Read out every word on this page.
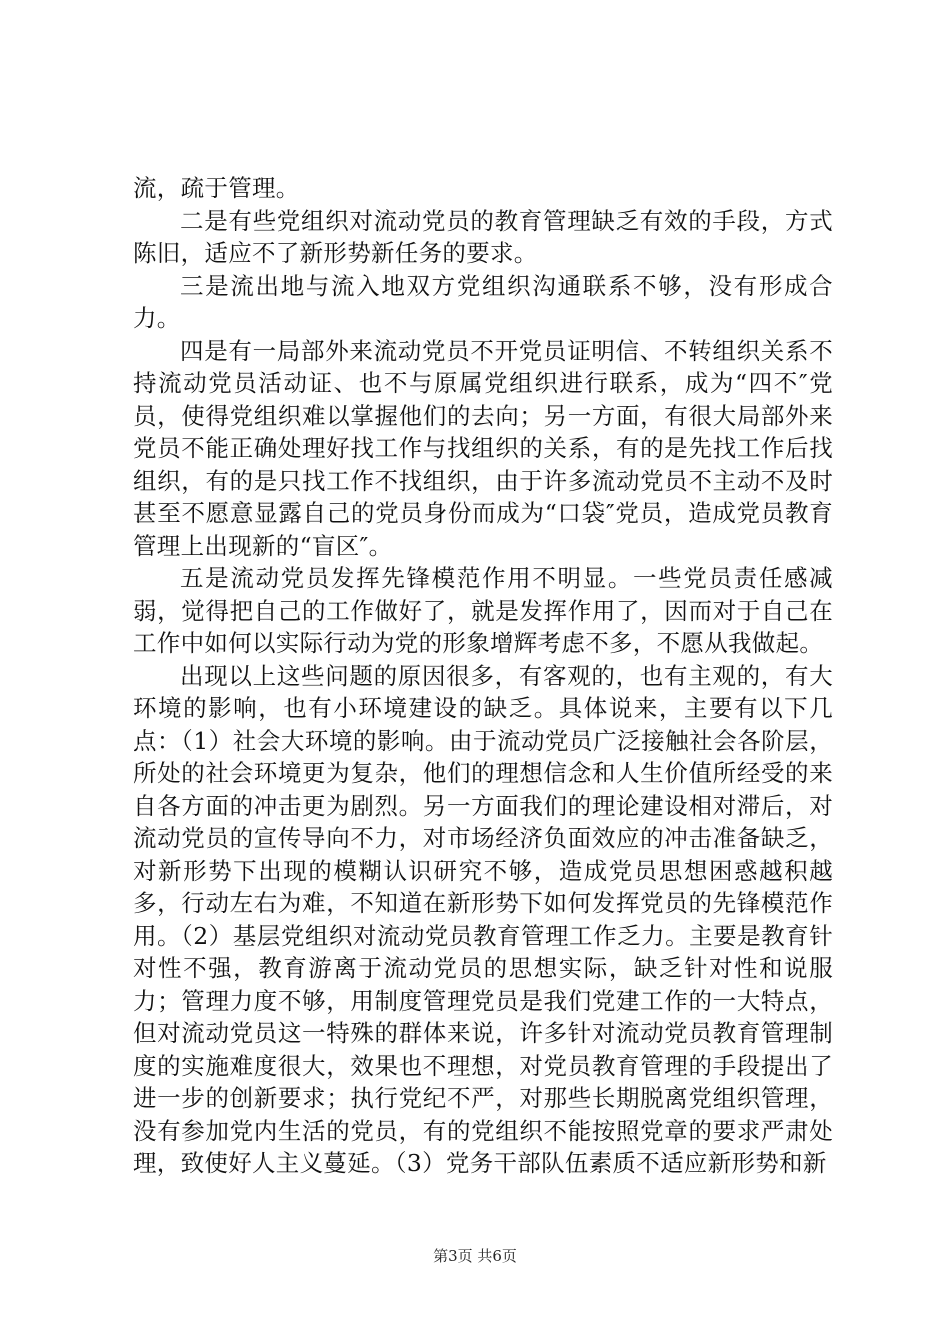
流，疏于管理。

二是有些党组织对流动党员的教育管理缺乏有效的手段，方式陈旧，适应不了新形势新任务的要求。

三是流出地与流入地双方党组织沟通联系不够，没有形成合力。

四是有一局部外来流动党员不开党员证明信、不转组织关系不持流动党员活动证、也不与原属党组织进行联系，成为“四不″党员，使得党组织难以掌握他们的去向；另一方面，有很大局部外来党员不能正确处理好找工作与找组织的关系，有的是先找工作后找组织，有的是只找工作不找组织，由于许多流动党员不主动不及时甚至不愿意显露自己的党员身份而成为“口袋″党员，造成党员教育管理上出现新的“盲区″。

五是流动党员发挥先锋模范作用不明显。一些党员责任感减弱，觉得把自己的工作做好了，就是发挥作用了，因而对于自己在工作中如何以实际行动为党的形象增辉考虑不多，不愿从我做起。

出现以上这些问题的原因很多，有客观的，也有主观的，有大环境的影响，也有小环境建设的缺乏。具体说来，主要有以下几点：（1）社会大环境的影响。由于流动党员广泛接触社会各阶层，所处的社会环境更为复杂，他们的理想信念和人生价值所经受的来自各方面的冲击更为剧烈。另一方面我们的理论建设相对滞后，对流动党员的宣传导向不力，对市场经济负面效应的冲击准备缺乏，对新形势下出现的模糊认识研究不够，造成党员思想困惑越积越多，行动左右为难，不知道在新形势下如何发挥党员的先锋模范作用。（2）基层党组织对流动党员教育管理工作乏力。主要是教育针对性不强，教育游离于流动党员的思想实际，缺乏针对性和说服力；管理力度不够，用制度管理党员是我们党建工作的一大特点，但对流动党员这一特殊的群体来说，许多针对流动党员教育管理制度的实施难度很大，效果也不理想，对党员教育管理的手段提出了进一步的创新要求；执行党纪不严，对那些长期脱离党组织管理，没有参加党内生活的党员，有的党组织不能按照党章的要求严肃处理，致使好人主义蔓延。（3）党务干部队伍素质不适应新形势和新

第3页 共6页
